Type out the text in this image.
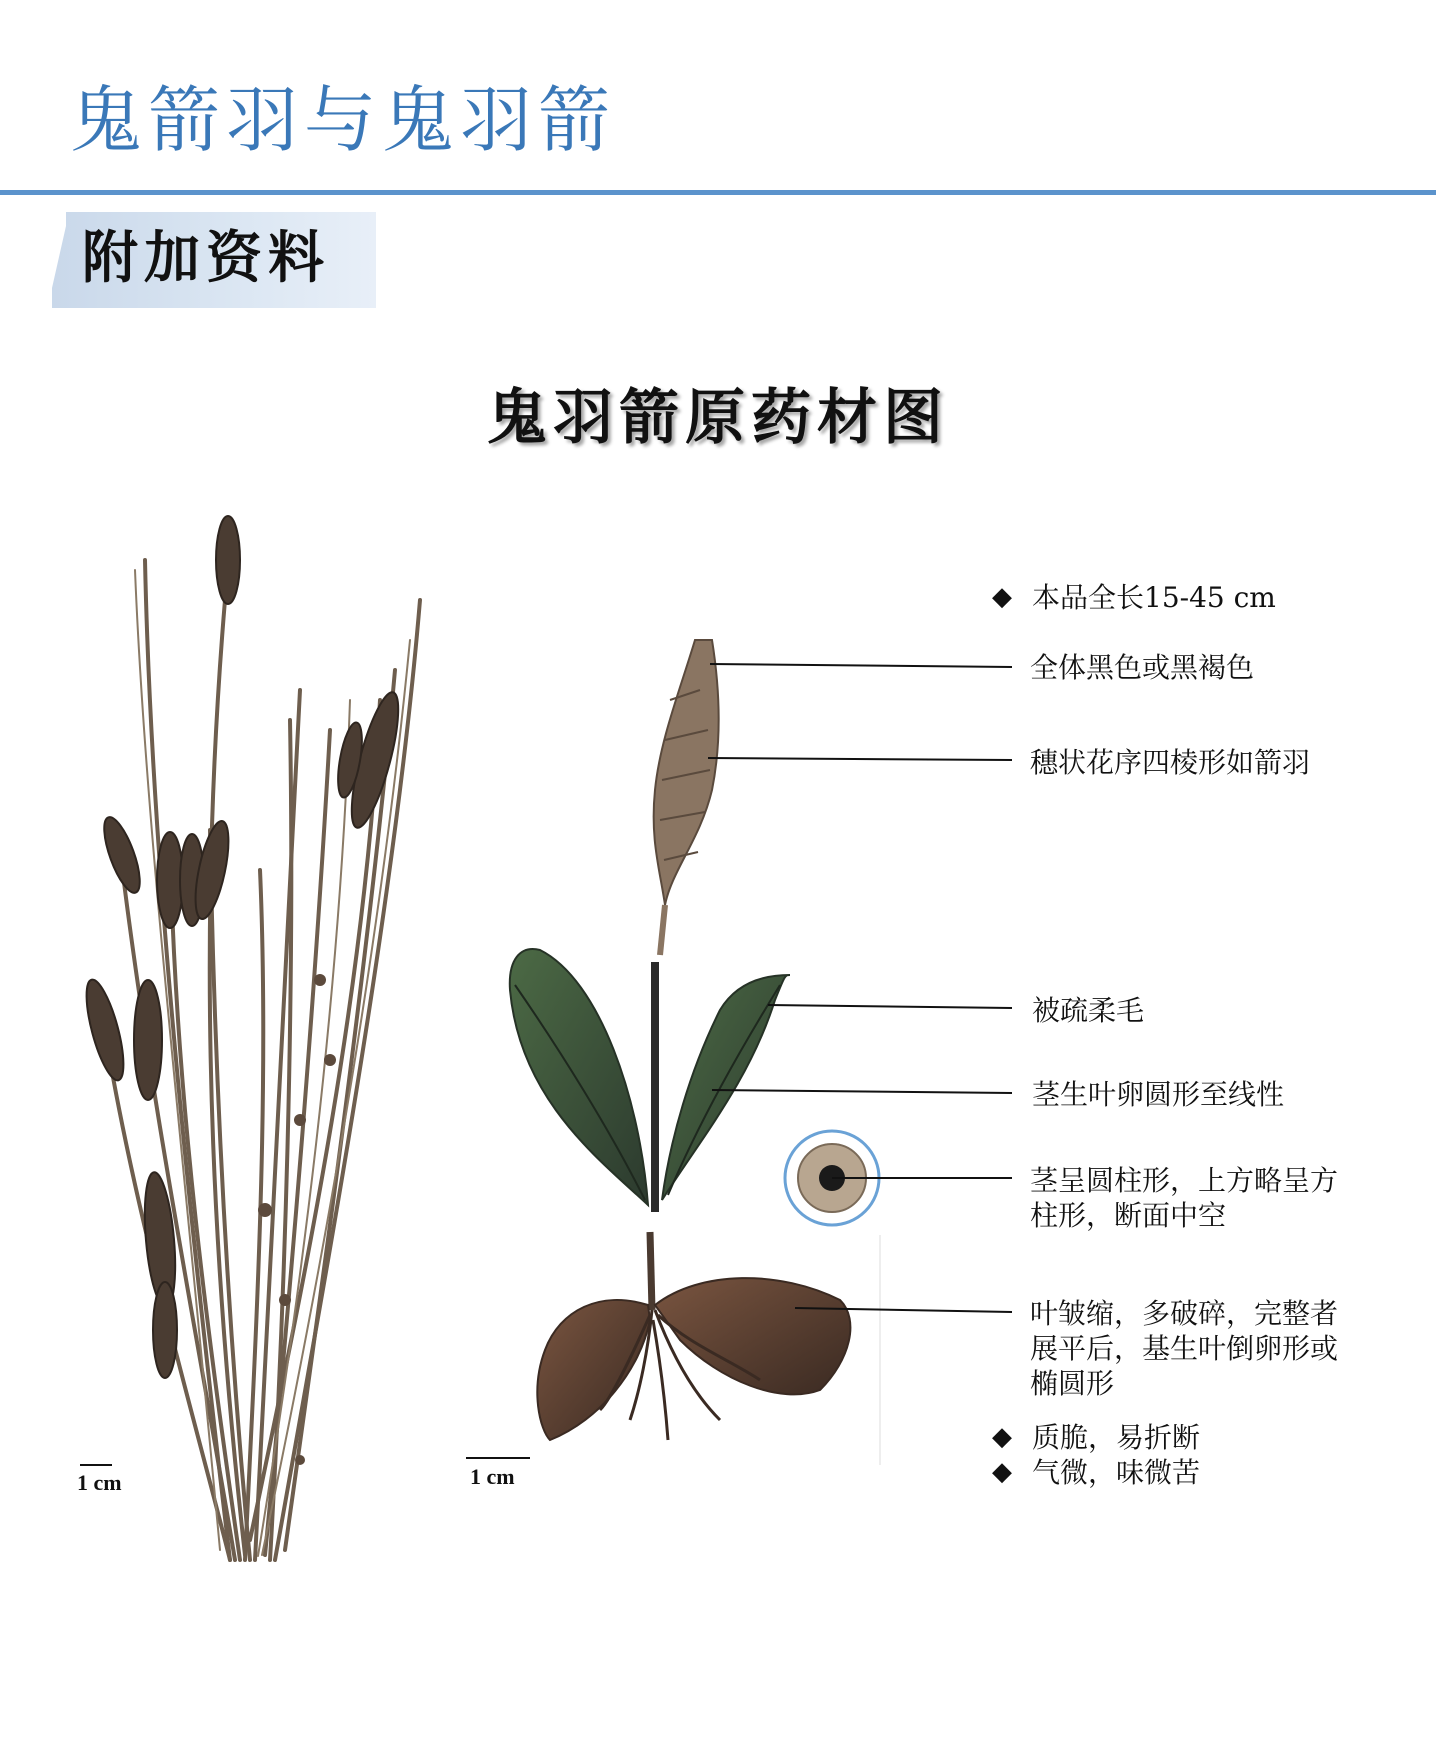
鬼箭羽与鬼羽箭
附加资料
鬼羽箭原药材图
1 cm	1 cm
◆ 本品全长15-45 cm
全体黑色或黑褐色
穗状花序四棱形如箭羽
被疏柔毛
茎生叶卵圆形至线性
茎呈圆柱形，上方略呈方
柱形，断面中空
叶皱缩，多破碎，完整者
展平后，基生叶倒卵形或
椭圆形
◆ 质脆，易折断
◆ 气微，味微苦
